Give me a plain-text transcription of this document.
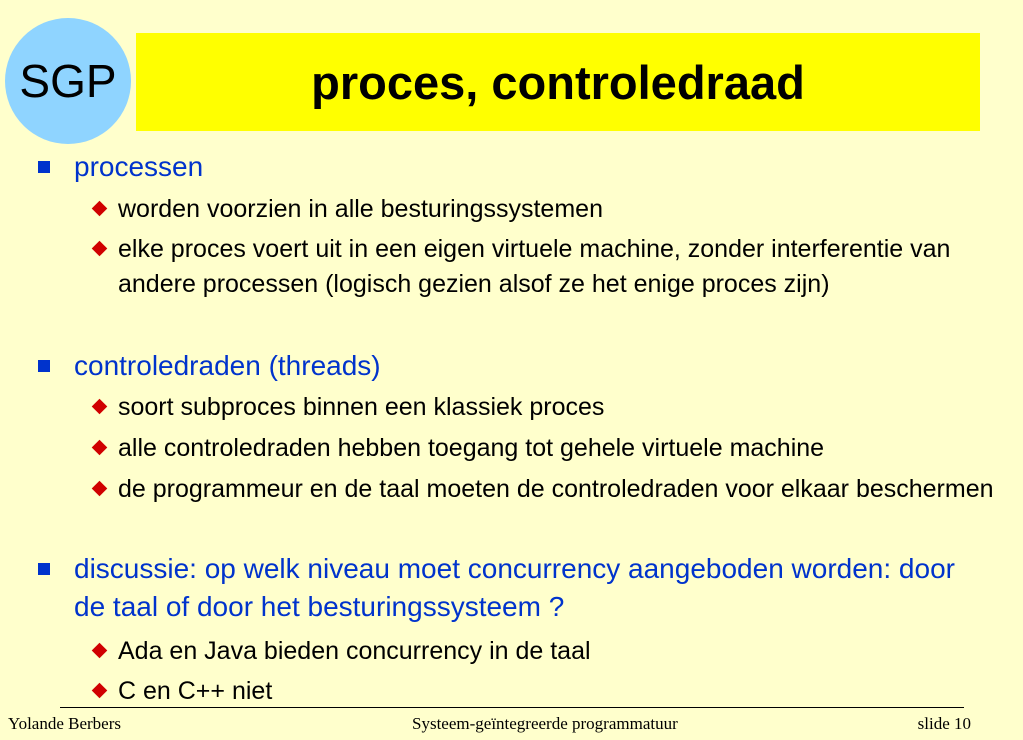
SGP	proces, controledraad
processen
worden voorzien in alle besturingssystemen
elke proces voert uit in een eigen virtuele machine, zonder interferentie van andere processen (logisch gezien alsof ze het enige proces zijn)
controledraden (threads)
soort subproces binnen een klassiek proces
alle controledraden hebben toegang tot gehele virtuele machine
de programmeur en de taal moeten de controledraden voor elkaar beschermen
discussie: op welk niveau moet concurrency aangeboden worden: door de taal of door het besturingssysteem ?
Ada en Java bieden concurrency in de taal
C en C++ niet
Yolande Berbers	Systeem-geïntegreerde programmatuur	slide 10
